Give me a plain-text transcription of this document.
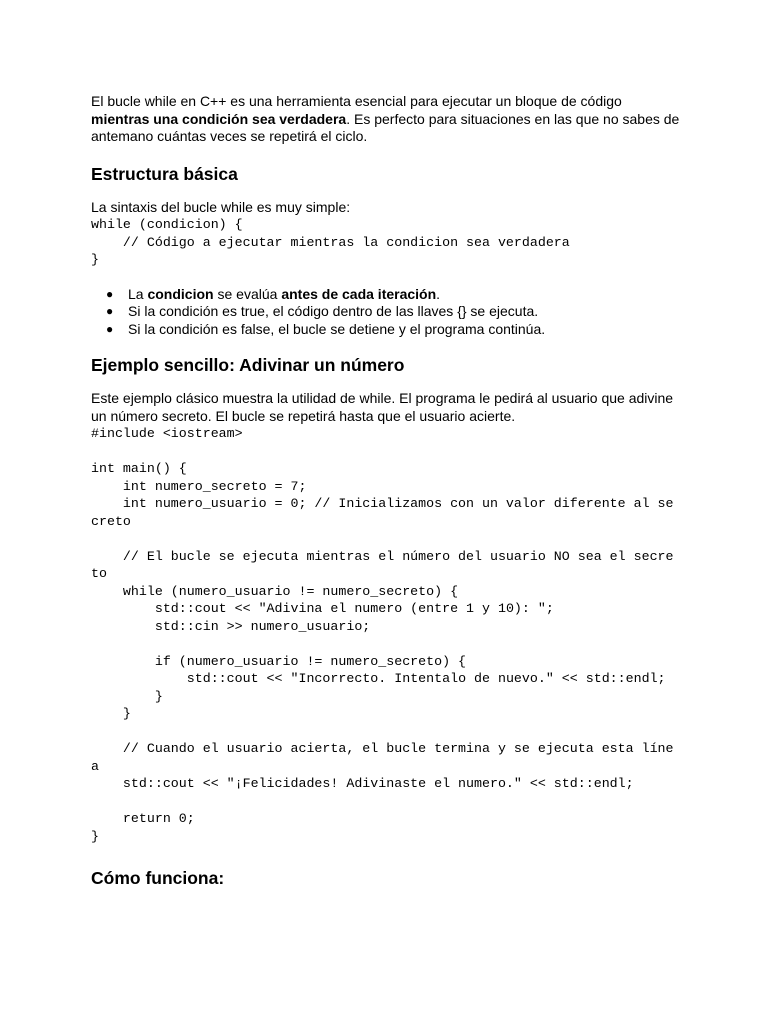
El bucle while en C++ es una herramienta esencial para ejecutar un bloque de código mientras una condición sea verdadera. Es perfecto para situaciones en las que no sabes de antemano cuántas veces se repetirá el ciclo.

Estructura básica

La sintaxis del bucle while es muy simple:

while (condicion) {
// Código a ejecutar mientras la condicion sea verdadera
}
● La condicion se evalúa antes de cada iteración.
● Si la condición es true, el código dentro de las llaves {} se ejecuta.
● Si la condición es false, el bucle se detiene y el programa continúa.
Ejemplo sencillo: Adivinar un número

Este ejemplo clásico muestra la utilidad de while. El programa le pedirá al usuario que adivine un número secreto. El bucle se repetirá hasta que el usuario acierte.

#include <iostream>

int main() {
int numero_secreto = 7;
int numero_usuario = 0; // Inicializamos con un valor diferente al secreto

// El bucle se ejecuta mientras el número del usuario NO sea el secreto
while (numero_usuario != numero_secreto) {
std::cout << "Adivina el numero (entre 1 y 10): ";
std::cin >> numero_usuario;

if (numero_usuario != numero_secreto) {
std::cout << "Incorrecto. Intentalo de nuevo." << std::endl;
}
}

// Cuando el usuario acierta, el bucle termina y se ejecuta esta línea
std::cout << "¡Felicidades! Adivinaste el numero." << std::endl;

return 0;
}
Cómo funciona:
